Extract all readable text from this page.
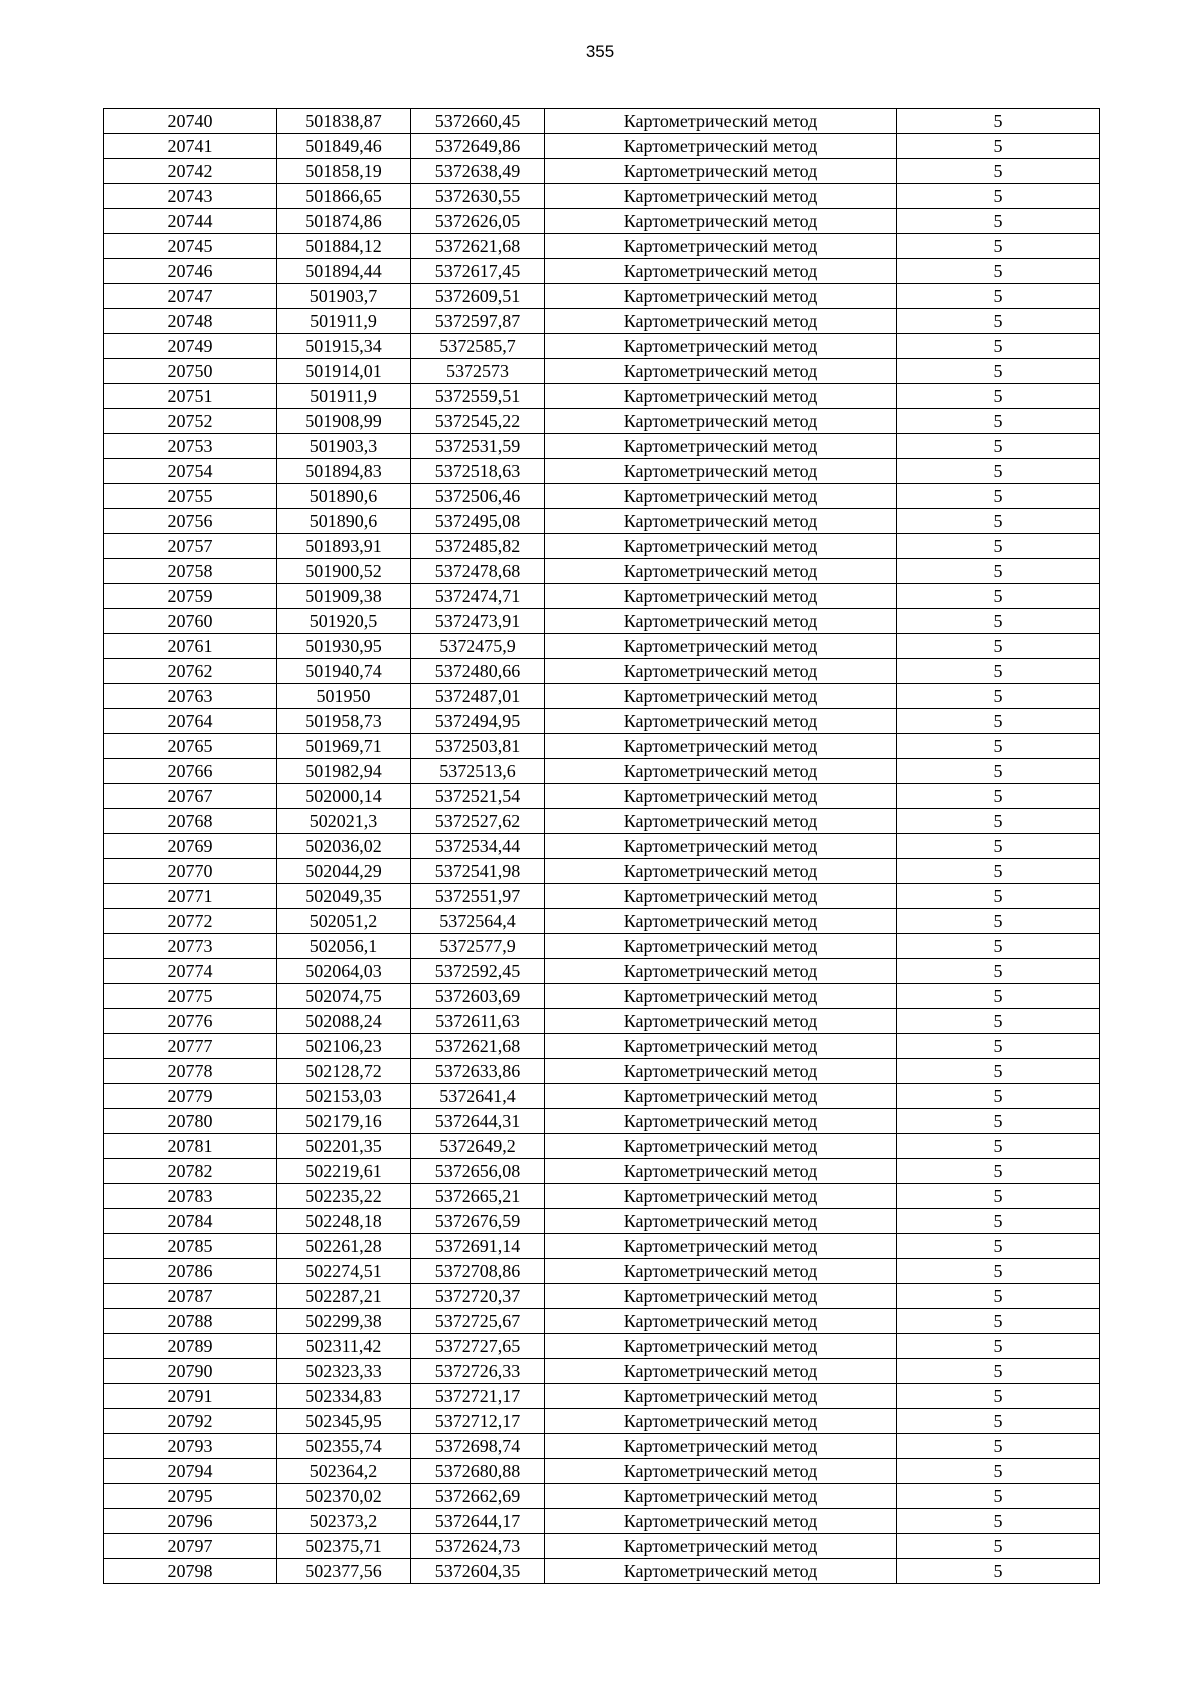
355
20740	501838,87	5372660,45	Картометрический метод	5
20741	501849,46	5372649,86	Картометрический метод	5
20742	501858,19	5372638,49	Картометрический метод	5
20743	501866,65	5372630,55	Картометрический метод	5
20744	501874,86	5372626,05	Картометрический метод	5
20745	501884,12	5372621,68	Картометрический метод	5
20746	501894,44	5372617,45	Картометрический метод	5
20747	501903,7	5372609,51	Картометрический метод	5
20748	501911,9	5372597,87	Картометрический метод	5
20749	501915,34	5372585,7	Картометрический метод	5
20750	501914,01	5372573	Картометрический метод	5
20751	501911,9	5372559,51	Картометрический метод	5
20752	501908,99	5372545,22	Картометрический метод	5
20753	501903,3	5372531,59	Картометрический метод	5
20754	501894,83	5372518,63	Картометрический метод	5
20755	501890,6	5372506,46	Картометрический метод	5
20756	501890,6	5372495,08	Картометрический метод	5
20757	501893,91	5372485,82	Картометрический метод	5
20758	501900,52	5372478,68	Картометрический метод	5
20759	501909,38	5372474,71	Картометрический метод	5
20760	501920,5	5372473,91	Картометрический метод	5
20761	501930,95	5372475,9	Картометрический метод	5
20762	501940,74	5372480,66	Картометрический метод	5
20763	501950	5372487,01	Картометрический метод	5
20764	501958,73	5372494,95	Картометрический метод	5
20765	501969,71	5372503,81	Картометрический метод	5
20766	501982,94	5372513,6	Картометрический метод	5
20767	502000,14	5372521,54	Картометрический метод	5
20768	502021,3	5372527,62	Картометрический метод	5
20769	502036,02	5372534,44	Картометрический метод	5
20770	502044,29	5372541,98	Картометрический метод	5
20771	502049,35	5372551,97	Картометрический метод	5
20772	502051,2	5372564,4	Картометрический метод	5
20773	502056,1	5372577,9	Картометрический метод	5
20774	502064,03	5372592,45	Картометрический метод	5
20775	502074,75	5372603,69	Картометрический метод	5
20776	502088,24	5372611,63	Картометрический метод	5
20777	502106,23	5372621,68	Картометрический метод	5
20778	502128,72	5372633,86	Картометрический метод	5
20779	502153,03	5372641,4	Картометрический метод	5
20780	502179,16	5372644,31	Картометрический метод	5
20781	502201,35	5372649,2	Картометрический метод	5
20782	502219,61	5372656,08	Картометрический метод	5
20783	502235,22	5372665,21	Картометрический метод	5
20784	502248,18	5372676,59	Картометрический метод	5
20785	502261,28	5372691,14	Картометрический метод	5
20786	502274,51	5372708,86	Картометрический метод	5
20787	502287,21	5372720,37	Картометрический метод	5
20788	502299,38	5372725,67	Картометрический метод	5
20789	502311,42	5372727,65	Картометрический метод	5
20790	502323,33	5372726,33	Картометрический метод	5
20791	502334,83	5372721,17	Картометрический метод	5
20792	502345,95	5372712,17	Картометрический метод	5
20793	502355,74	5372698,74	Картометрический метод	5
20794	502364,2	5372680,88	Картометрический метод	5
20795	502370,02	5372662,69	Картометрический метод	5
20796	502373,2	5372644,17	Картометрический метод	5
20797	502375,71	5372624,73	Картометрический метод	5
20798	502377,56	5372604,35	Картометрический метод	5
